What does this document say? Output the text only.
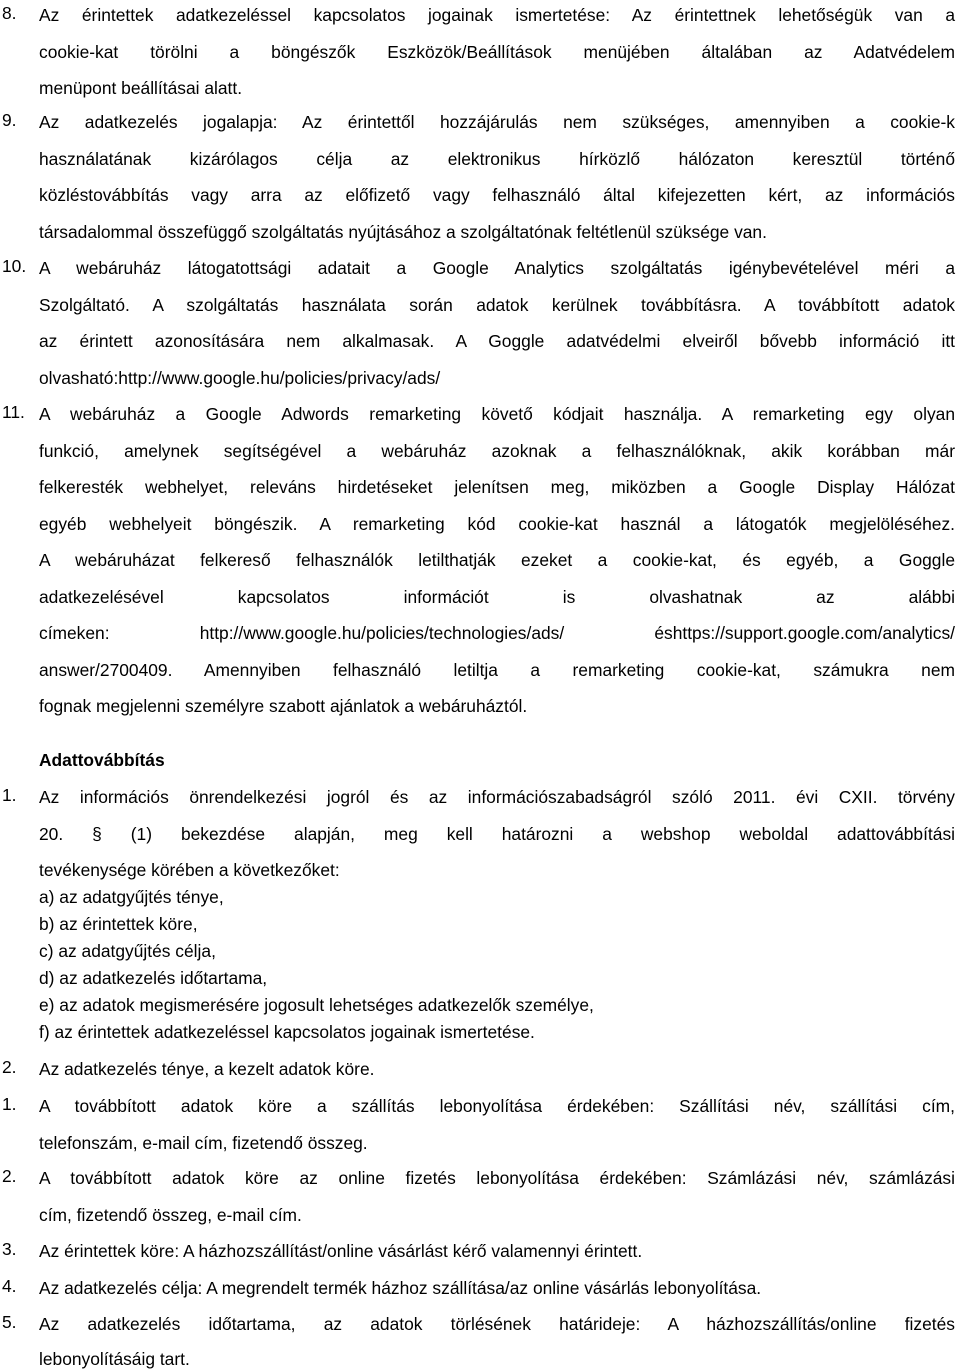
8. Az érintettek adatkezeléssel kapcsolatos jogainak ismertetése: Az érintettnek lehetőségük van a
cookie-kat törölni a böngészők Eszközök/Beállítások menüjében általában az Adatvédelem
menüpont beállításai alatt.
9. Az adatkezelés jogalapja: Az érintettől hozzájárulás nem szükséges, amennyiben a cookie-k
használatának kizárólagos célja az elektronikus hírközlő hálózaton keresztül történő
közléstovábbítás vagy arra az előfizető vagy felhasználó által kifejezetten kért, az információs
társadalommal összefüggő szolgáltatás nyújtásához a szolgáltatónak feltétlenül szüksége van.
10. A webáruház látogatottsági adatait a Google Analytics szolgáltatás igénybevételével méri a
Szolgáltató. A szolgáltatás használata során adatok kerülnek továbbításra. A továbbított adatok
az érintett azonosítására nem alkalmasak. A Goggle adatvédelmi elveiről bővebb információ itt
olvasható:http://www.google.hu/policies/privacy/ads/
11. A webáruház a Google Adwords remarketing követő kódjait használja. A remarketing egy olyan
funkció, amelynek segítségével a webáruház azoknak a felhasználóknak, akik korábban már
felkeresték webhelyet, releváns hirdetéseket jelenítsen meg, miközben a Google Display Hálózat
egyéb webhelyeit böngészik. A remarketing kód cookie-kat használ a látogatók megjelöléséhez.
A webáruházat felkereső felhasználók letilthatják ezeket a cookie-kat, és egyéb, a Goggle
adatkezelésével kapcsolatos információt is olvashatnak az alábbi
címeken: http://www.google.hu/policies/technologies/ads/ éshttps://support.google.com/analytics/
answer/2700409. Amennyiben felhasználó letiltja a remarketing cookie-kat, számukra nem
fognak megjelenni személyre szabott ajánlatok a webáruháztól.
Adattovábbítás
1. Az információs önrendelkezési jogról és az információszabadságról szóló 2011. évi CXII. törvény
20. § (1) bekezdése alapján, meg kell határozni a webshop weboldal adattovábbítási
tevékenysége körében a következőket:
a) az adatgyűjtés ténye,
b) az érintettek köre,
c) az adatgyűjtés célja,
d) az adatkezelés időtartama,
e) az adatok megismerésére jogosult lehetséges adatkezelők személye,
f) az érintettek adatkezeléssel kapcsolatos jogainak ismertetése.
2. Az adatkezelés ténye, a kezelt adatok köre.
1. A továbbított adatok köre a szállítás lebonyolítása érdekében: Szállítási név, szállítási cím,
telefonszám, e-mail cím, fizetendő összeg.
2. A továbbított adatok köre az online fizetés lebonyolítása érdekében: Számlázási név, számlázási
cím, fizetendő összeg, e-mail cím.
3. Az érintettek köre: A házhozszállítást/online vásárlást kérő valamennyi érintett.
4. Az adatkezelés célja: A megrendelt termék házhoz szállítása/az online vásárlás lebonyolítása.
5. Az adatkezelés időtartama, az adatok törlésének határideje: A házhozszállítás/online fizetés
lebonyolításáig tart.
